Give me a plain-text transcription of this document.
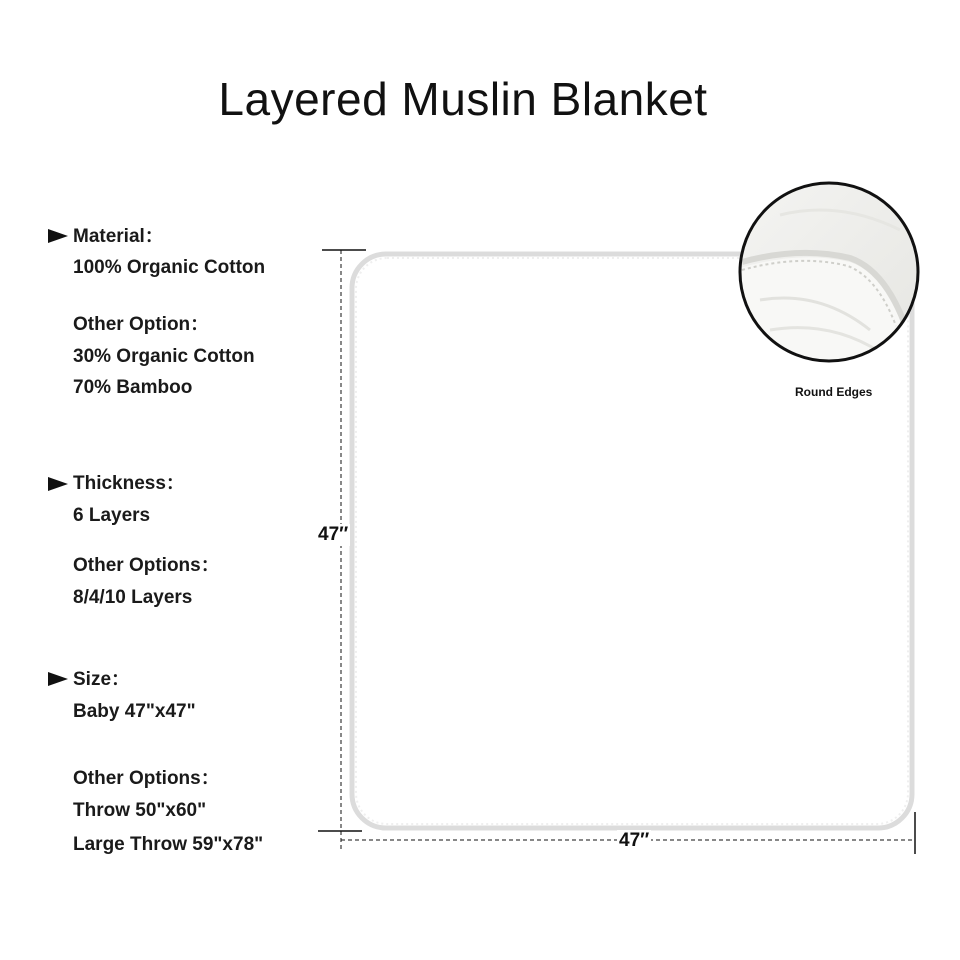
Layered Muslin Blanket
Material：
100% Organic Cotton
Other Option：
30% Organic Cotton
70% Bamboo
Thickness：
6 Layers
Other Options：
8/4/10 Layers
Size：
Baby 47"x47"
Other Options：
Throw 50"x60"
Large Throw 59"x78"
47″
47″
Round Edges
